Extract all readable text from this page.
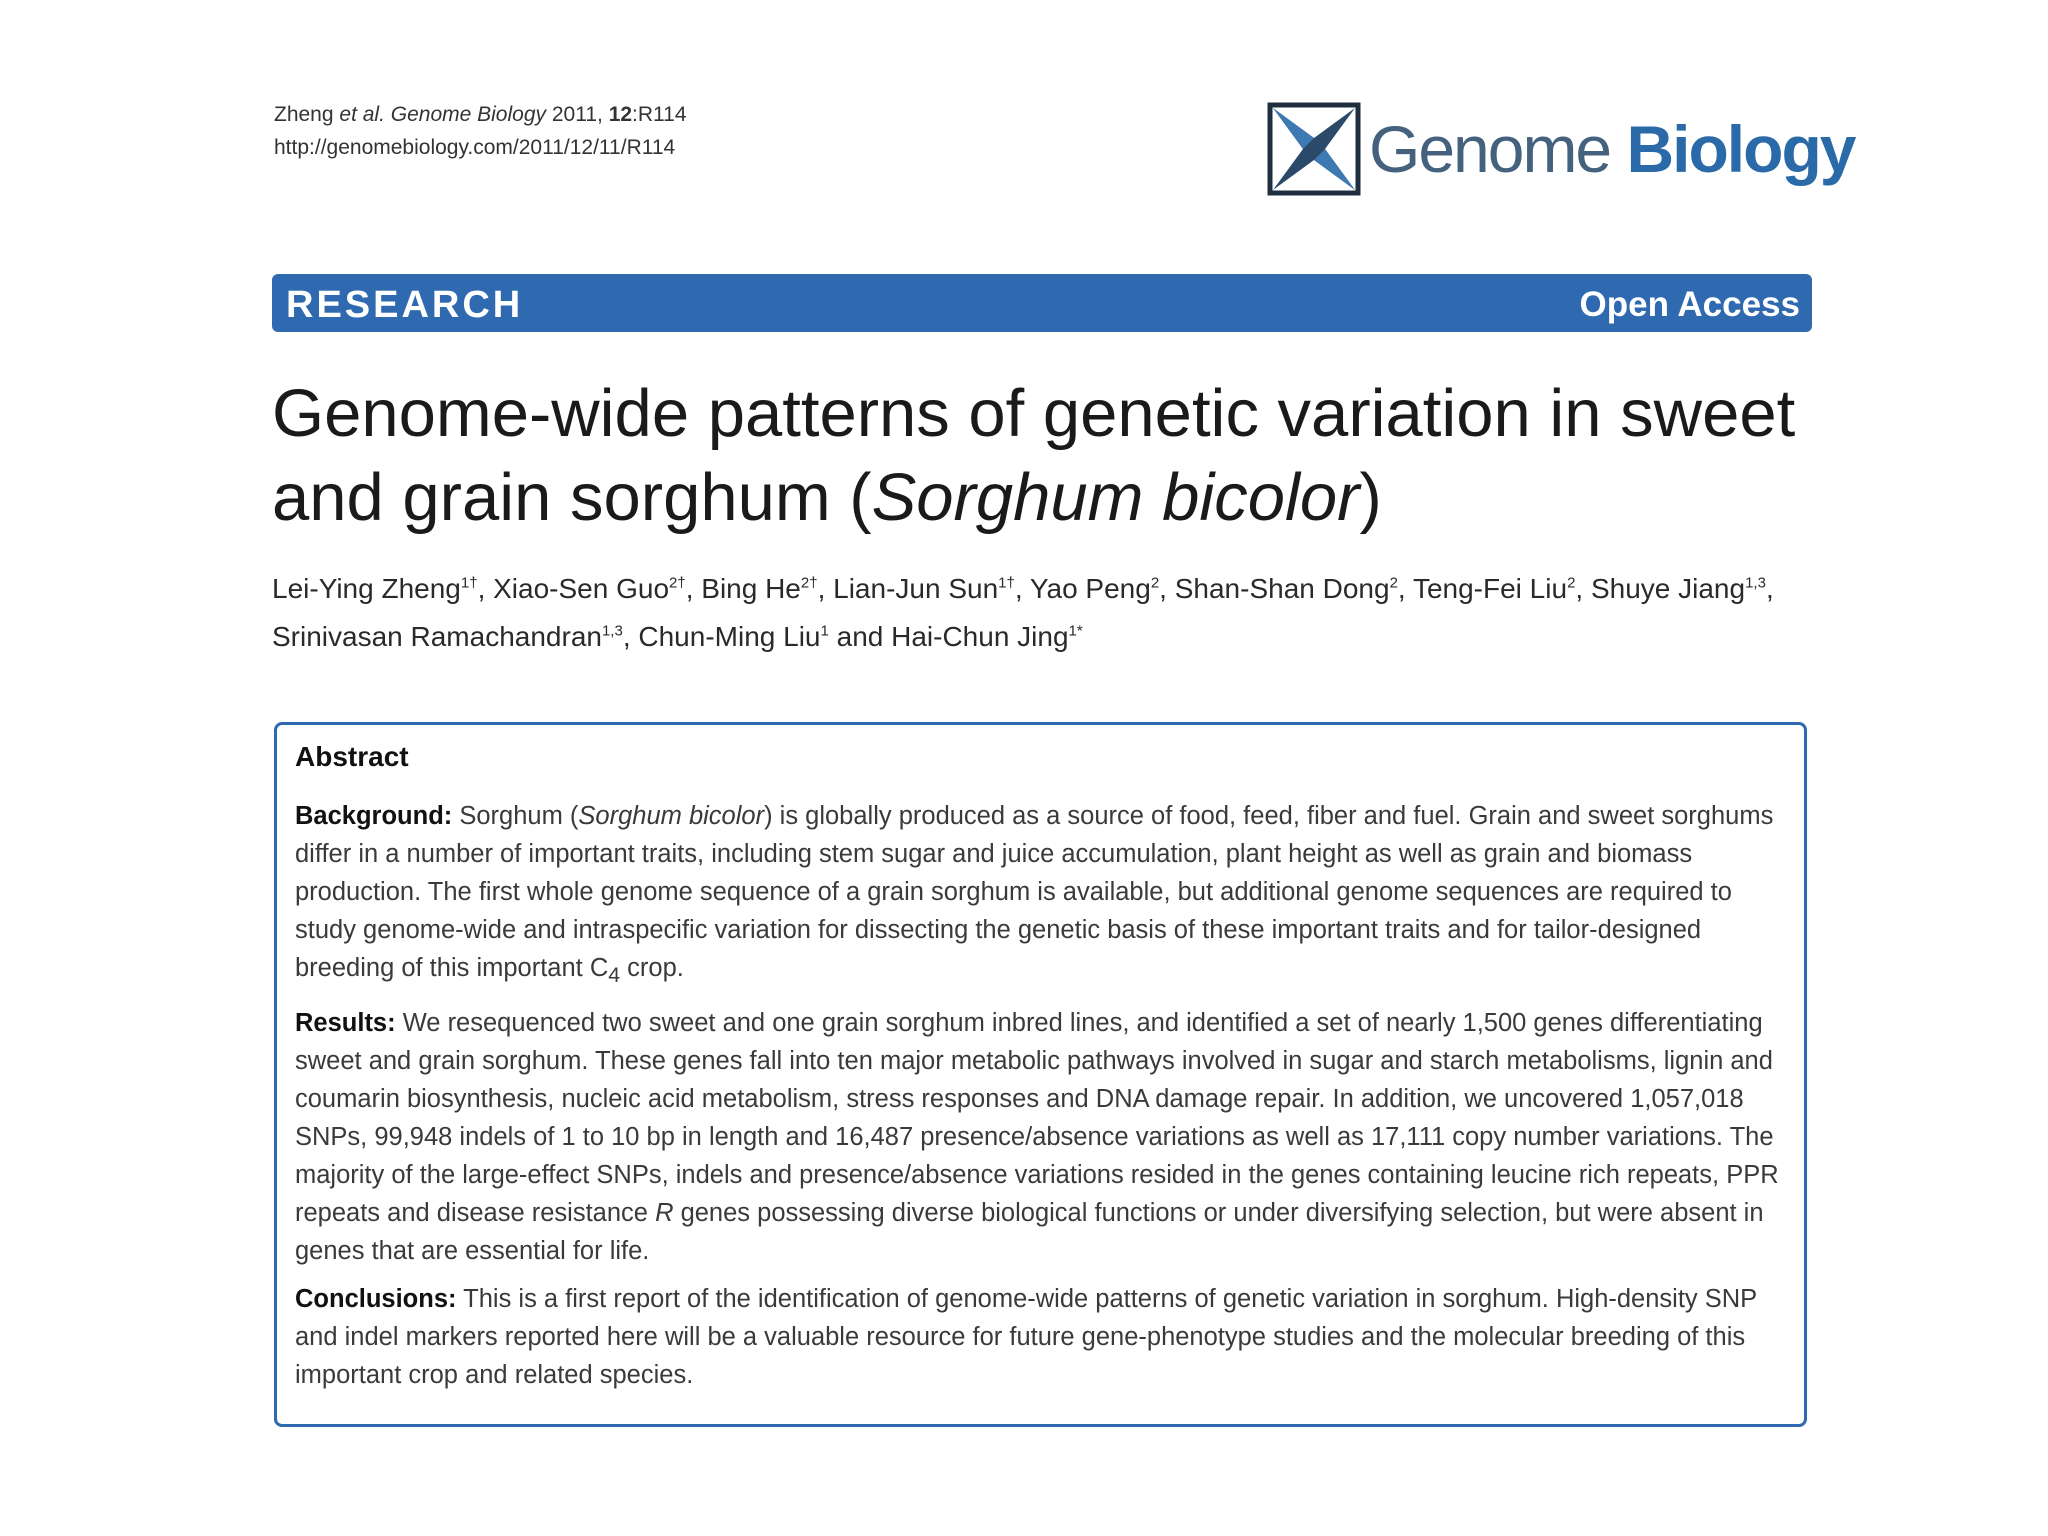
Zheng et al. Genome Biology 2011, 12:R114
http://genomebiology.com/2011/12/11/R114	Genome Biology
RESEARCH	Open Access
Genome-wide patterns of genetic variation in sweet and grain sorghum (Sorghum bicolor)
Lei-Ying Zheng$^{1\dagger}$, Xiao-Sen Guo$^{2\dagger}$, Bing $He^{2\dagger}$, Lian-Jun Sun$^{1\dagger}$, Yao Peng$^2$, Shan-Shan Dong$^2$, Teng-Fei Liu$^2$, Shuye Jiang$^{1,3}$, Srinivasan Ramachandran$^{1,3}$, Chun-Ming Liu$^1$ and Hai-Chun Jing$^{1*}$
Abstract
Background: Sorghum (Sorghum bicolor) is globally produced as a source of food, feed, fiber and fuel. Grain and sweet sorghums differ in a number of important traits, including stem sugar and juice accumulation, plant height as well as grain and biomass production. The first whole genome sequence of a grain sorghum is available, but additional genome sequences are required to study genome-wide and intraspecific variation for dissecting the genetic basis of these important traits and for tailor-designed breeding of this important $C_4$ crop.
Results: We resequenced two sweet and one grain sorghum inbred lines, and identified a set of nearly 1,500 genes differentiating sweet and grain sorghum. These genes fall into ten major metabolic pathways involved in sugar and starch metabolisms, lignin and coumarin biosynthesis, nucleic acid metabolism, stress responses and DNA damage repair. In addition, we uncovered 1,057,018 SNPs, 99,948 indels of 1 to 10 bp in length and 16,487 presence/absence variations as well as 17,111 copy number variations. The majority of the large-effect SNPs, indels and presence/absence variations resided in the genes containing leucine rich repeats, PPR repeats and disease resistance R genes possessing diverse biological functions or under diversifying selection, but were absent in genes that are essential for life.
Conclusions: This is a first report of the identification of genome-wide patterns of genetic variation in sorghum. High-density SNP and indel markers reported here will be a valuable resource for future gene-phenotype studies and the molecular breeding of this important crop and related species.
